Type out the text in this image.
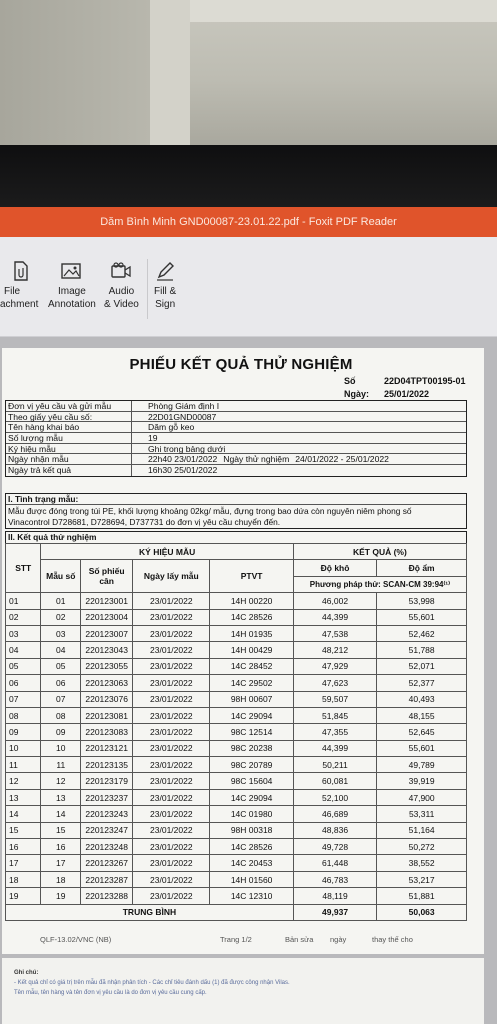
Dăm Bình Minh GND00087-23.01.22.pdf - Foxit PDF Reader
File
achment
Image
Annotation
Audio
& Video
Fill &
Sign
PHIẾU KẾT QUẢ THỬ NGHIỆM
Số	22D04TPT00195-01
Ngày: 25/01/2022
Đơn vị yêu cầu và gửi mẫu	Phòng Giám định I
Theo giấy yêu cầu số:	22D01GND00087
Tên hàng khai báo	Dăm gỗ keo
Số lượng mẫu	19
Ký hiệu mẫu	Ghi trong bảng dưới
Ngày nhận mẫu	22h40 23/01/2022 Ngày thử nghiệm 24/01/2022 - 25/01/2022
Ngày trả kết quả	16h30 25/01/2022
I. Tình trạng mẫu:
Mẫu được đóng trong túi PE, khối lượng khoảng 02kg/ mẫu, đựng trong bao dứa còn nguyên niêm phong số
Vinacontrol D728681, D728694, D737731 do đơn vị yêu cầu chuyển đến.
II. Kết quả thử nghiệm
STT	KÝ HIỆU MẪU				KẾT QUẢ (%)	
	Mẫu số	Số phiếu cân	Ngày lấy mẫu	PTVT	Độ khô	Độ ẩm
					Phương pháp thử: SCAN-CM 39:94⁽¹⁾	
01	01	220123001	23/01/2022	14H 00220	46,002	53,998
02	02	220123004	23/01/2022	14C 28526	44,399	55,601
03	03	220123007	23/01/2022	14H 01935	47,538	52,462
04	04	220123043	23/01/2022	14H 00429	48,212	51,788
05	05	220123055	23/01/2022	14C 28452	47,929	52,071
06	06	220123063	23/01/2022	14C 29502	47,623	52,377
07	07	220123076	23/01/2022	98H 00607	59,507	40,493
08	08	220123081	23/01/2022	14C 29094	51,845	48,155
09	09	220123083	23/01/2022	98C 12514	47,355	52,645
10	10	220123121	23/01/2022	98C 20238	44,399	55,601
11	11	220123135	23/01/2022	98C 20789	50,211	49,789
12	12	220123179	23/01/2022	98C 15604	60,081	39,919
13	13	220123237	23/01/2022	14C 29094	52,100	47,900
14	14	220123243	23/01/2022	14C 01980	46,689	53,311
15	15	220123247	23/01/2022	98H 00318	48,836	51,164
16	16	220123248	23/01/2022	14C 28526	49,728	50,272
17	17	220123267	23/01/2022	14C 20453	61,448	38,552
18	18	220123287	23/01/2022	14H 01560	46,783	53,217
19	19	220123288	23/01/2022	14C 12310	48,119	51,881
TRUNG BÌNH					49,937	50,063
QLF-13.02/VNC (NB)	Trang 1/2	Bản sửa ngày	thay thế cho
Ghi chú:
- Kết quả chỉ có giá trị trên mẫu đã nhận phân tích - Các chỉ tiêu đánh dấu (1) đã được công nhận Vilas.
Tên mẫu, tên hàng và tên đơn vị yêu cầu là do đơn vị yêu cầu cung cấp.
